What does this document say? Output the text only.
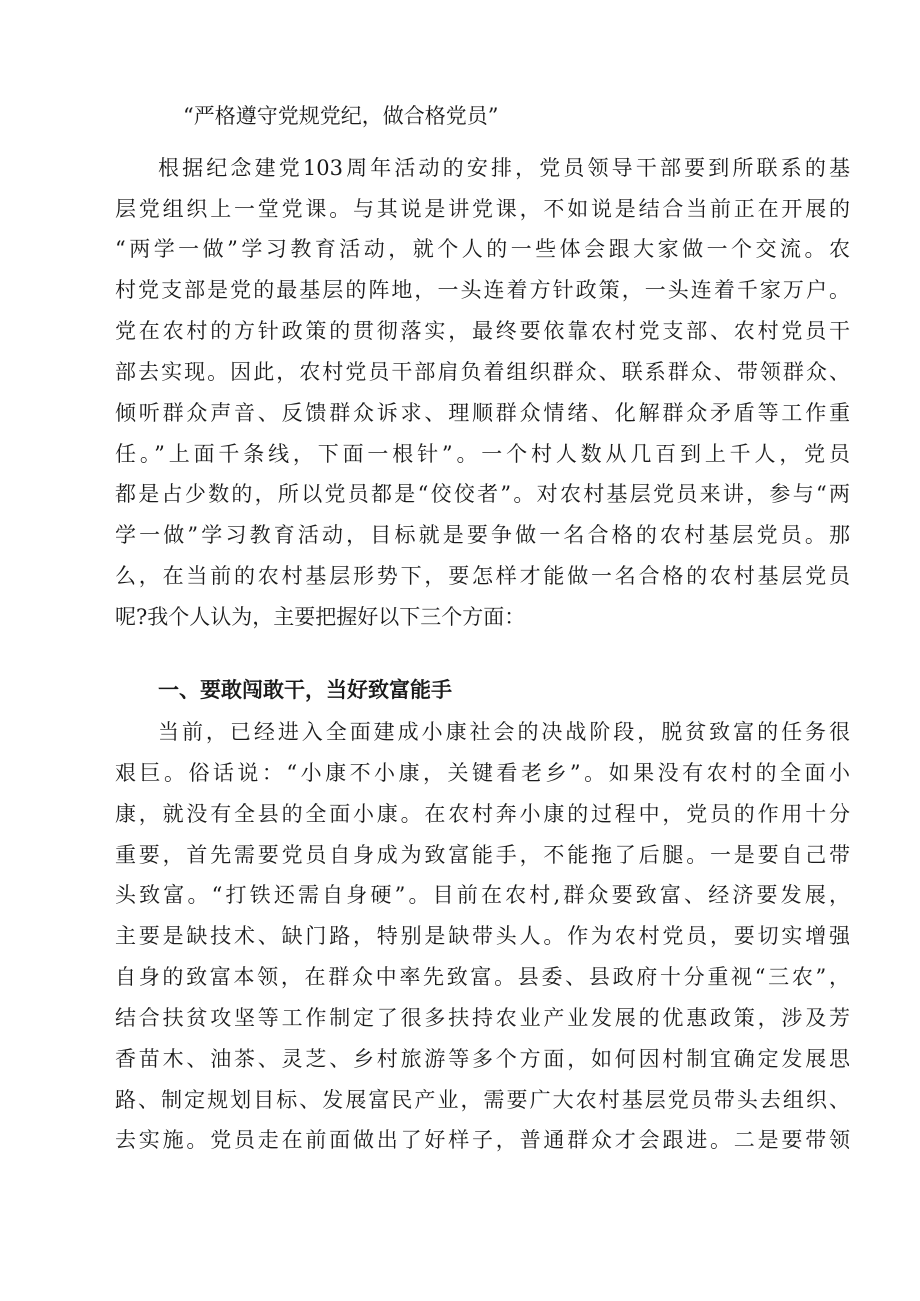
“严格遵守党规党纪，做合格党员”
根据纪念建党103周年活动的安排，党员领导干部要到所联系的基
层党组织上一堂党课。与其说是讲党课，不如说是结合当前正在开展的
“两学一做”学习教育活动，就个人的一些体会跟大家做一个交流。农
村党支部是党的最基层的阵地，一头连着方针政策，一头连着千家万户。
党在农村的方针政策的贯彻落实，最终要依靠农村党支部、农村党员干
部去实现。因此，农村党员干部肩负着组织群众、联系群众、带领群众、
倾听群众声音、反馈群众诉求、理顺群众情绪、化解群众矛盾等工作重
任。”上面千条线，下面一根针”。一个村人数从几百到上千人，党员
都是占少数的，所以党员都是“佼佼者”。对农村基层党员来讲，参与“两
学一做”学习教育活动，目标就是要争做一名合格的农村基层党员。那
么，在当前的农村基层形势下，要怎样才能做一名合格的农村基层党员
呢?我个人认为，主要把握好以下三个方面：
一、要敢闯敢干，当好致富能手
当前，已经进入全面建成小康社会的决战阶段，脱贫致富的任务很
艰巨。俗话说：“小康不小康，关键看老乡”。如果没有农村的全面小
康，就没有全县的全面小康。在农村奔小康的过程中，党员的作用十分
重要，首先需要党员自身成为致富能手，不能拖了后腿。一是要自己带
头致富。“打铁还需自身硬”。目前在农村,群众要致富、经济要发展，
主要是缺技术、缺门路，特别是缺带头人。作为农村党员，要切实增强
自身的致富本领，在群众中率先致富。县委、县政府十分重视“三农”，
结合扶贫攻坚等工作制定了很多扶持农业产业发展的优惠政策，涉及芳
香苗木、油茶、灵芝、乡村旅游等多个方面，如何因村制宜确定发展思
路、制定规划目标、发展富民产业，需要广大农村基层党员带头去组织、
去实施。党员走在前面做出了好样子，普通群众才会跟进。二是要带领
